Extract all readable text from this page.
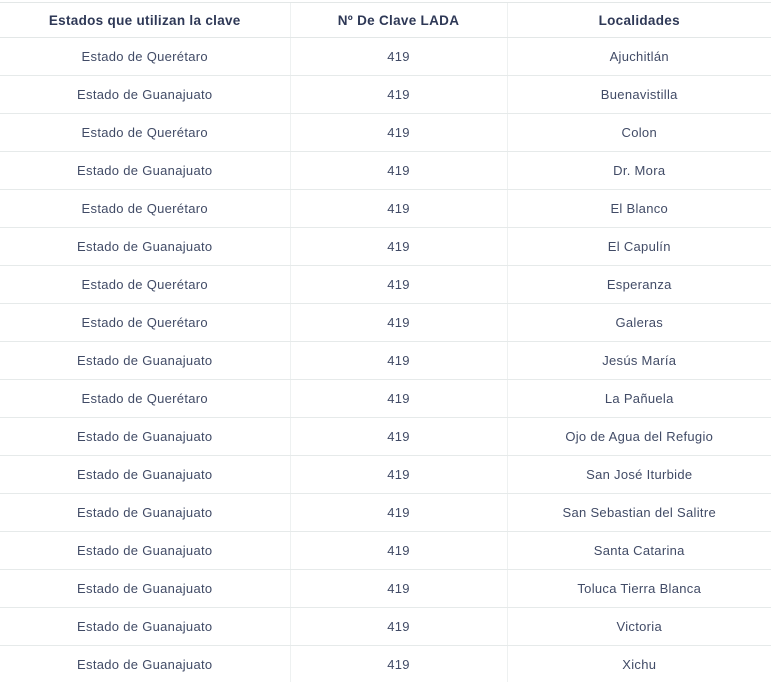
Estados que utilizan la clave	Nº De Clave LADA	Localidades
Estado de Querétaro	419	Ajuchitlán
Estado de Guanajuato	419	Buenavistilla
Estado de Querétaro	419	Colon
Estado de Guanajuato	419	Dr. Mora
Estado de Querétaro	419	El Blanco
Estado de Guanajuato	419	El Capulín
Estado de Querétaro	419	Esperanza
Estado de Querétaro	419	Galeras
Estado de Guanajuato	419	Jesús María
Estado de Querétaro	419	La Pañuela
Estado de Guanajuato	419	Ojo de Agua del Refugio
Estado de Guanajuato	419	San José Iturbide
Estado de Guanajuato	419	San Sebastian del Salitre
Estado de Guanajuato	419	Santa Catarina
Estado de Guanajuato	419	Toluca Tierra Blanca
Estado de Guanajuato	419	Victoria
Estado de Guanajuato	419	Xichu
